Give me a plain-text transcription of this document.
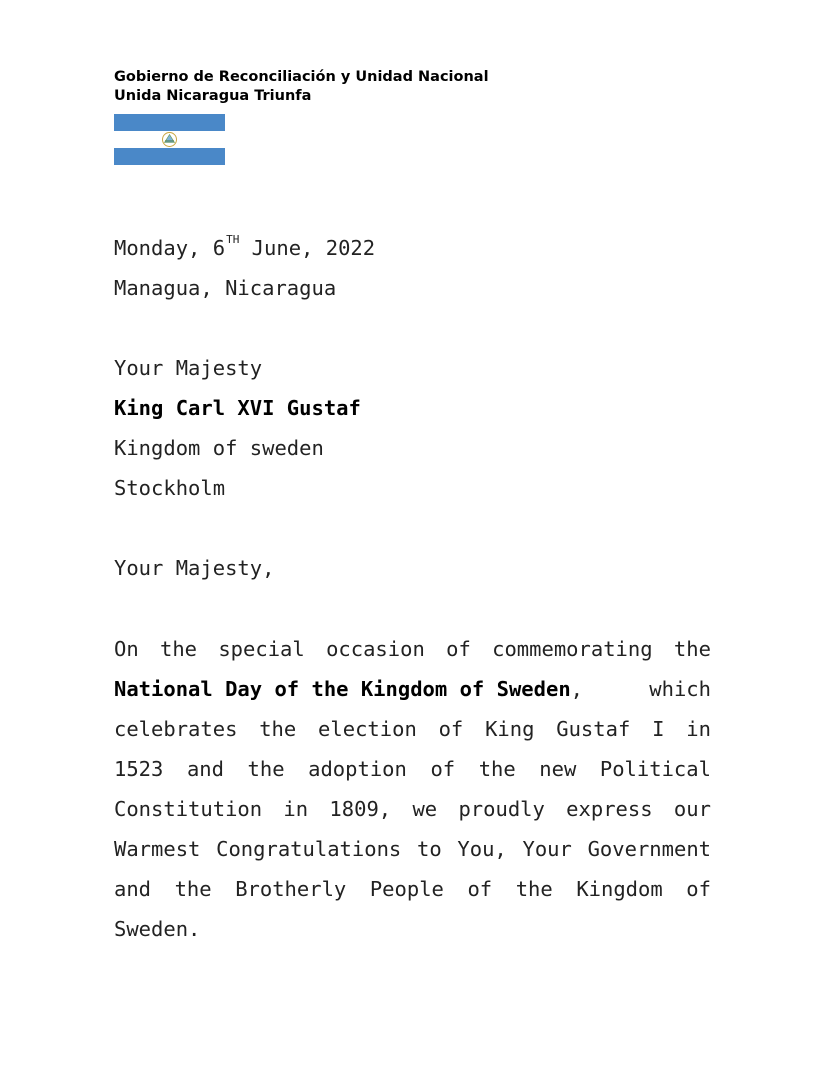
Gobierno de Reconciliación y Unidad Nacional
Unida Nicaragua Triunfa
Monday, 6TH June, 2022
Managua, Nicaragua
Your Majesty
King Carl XVI Gustaf
Kingdom of sweden
Stockholm
Your Majesty,
On the special occasion of commemorating the
National Day of the Kingdom of Sweden,	which
celebrates the election of King Gustaf I in
1523 and the adoption of the new Political
Constitution in 1809, we proudly express our
Warmest Congratulations to You, Your Government
and the Brotherly People of the Kingdom of
Sweden.
